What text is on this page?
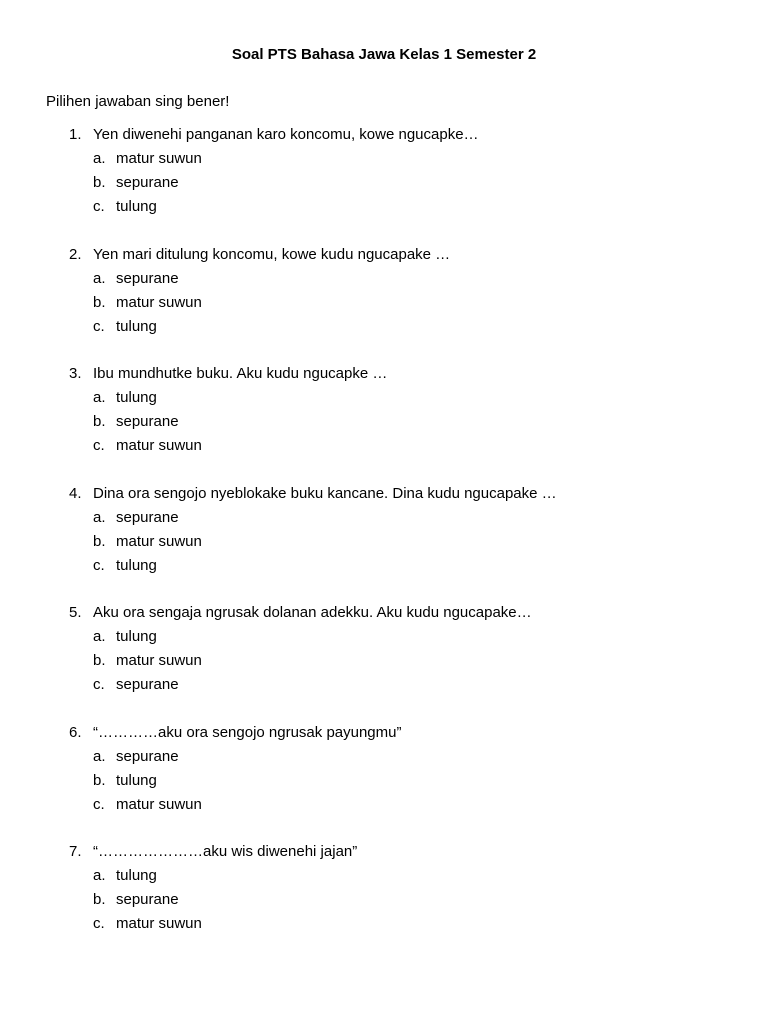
Soal PTS Bahasa Jawa Kelas 1 Semester 2
Pilihen jawaban sing bener!
1. Yen diwenehi panganan karo koncomu, kowe ngucapke…
a. matur suwun
b. sepurane
c. tulung
2. Yen mari ditulung koncomu, kowe kudu ngucapake …
a. sepurane
b. matur suwun
c. tulung
3. Ibu mundhutke buku. Aku kudu ngucapke …
a. tulung
b. sepurane
c. matur suwun
4. Dina ora sengojo nyeblokake buku kancane. Dina kudu ngucapake …
a. sepurane
b. matur suwun
c. tulung
5. Aku ora sengaja ngrusak dolanan adekku. Aku kudu ngucapake…
a. tulung
b. matur suwun
c. sepurane
6. “…………aku ora sengojo ngrusak payungmu”
a. sepurane
b. tulung
c. matur suwun
7. “…………………aku wis diwenehi jajan”
a. tulung
b. sepurane
c. matur suwun
